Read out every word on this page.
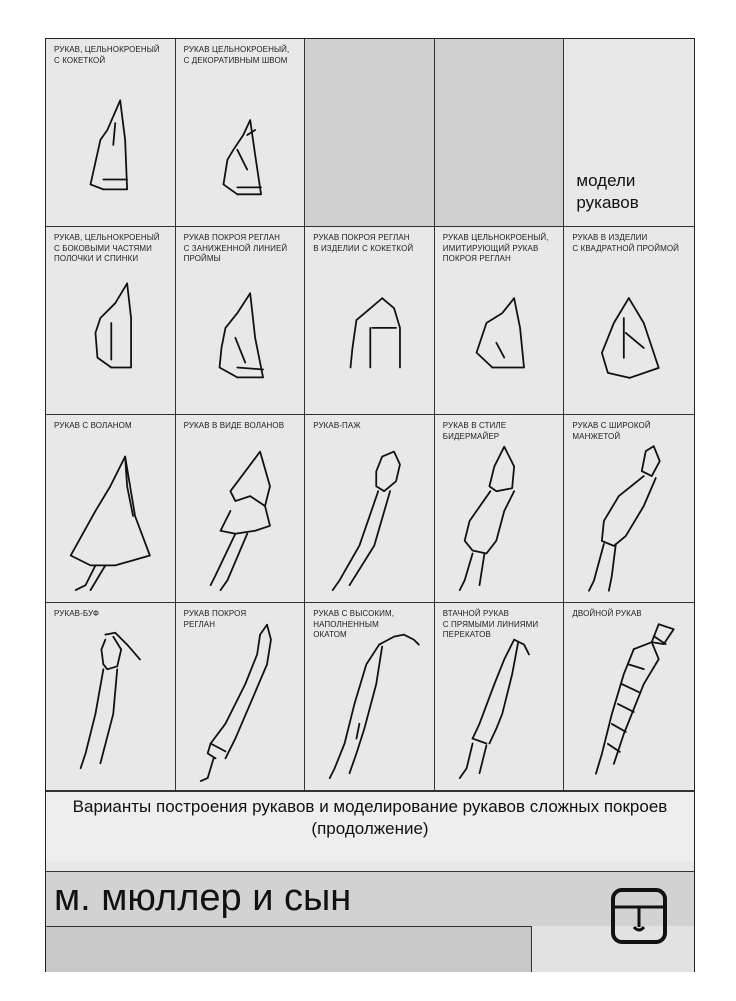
РУКАВ, ЦЕЛЬНОКРОЕНЫЙ
С КОКЕТКОЙ
РУКАВ ЦЕЛЬНОКРОЕНЫЙ,
С ДЕКОРАТИВНЫМ ШВОМ
модели
рукавов
РУКАВ, ЦЕЛЬНОКРОЕНЫЙ
С БОКОВЫМИ ЧАСТЯМИ
ПОЛОЧКИ И СПИНКИ
РУКАВ ПОКРОЯ РЕГЛАН
С ЗАНИЖЕННОЙ ЛИНИЕЙ
ПРОЙМЫ
РУКАВ ПОКРОЯ РЕГЛАН
В ИЗДЕЛИИ С КОКЕТКОЙ
РУКАВ ЦЕЛЬНОКРОЕНЫЙ,
ИМИТИРУЮЩИЙ РУКАВ
ПОКРОЯ РЕГЛАН
РУКАВ В ИЗДЕЛИИ
С КВАДРАТНОЙ ПРОЙМОЙ
РУКАВ С ВОЛАНОМ	РУКАВ В ВИДЕ ВОЛАНОВ	РУКАВ-ПАЖ	РУКАВ В СТИЛЕ
БИДЕРМАЙЕР
РУКАВ С ШИРОКОЙ
МАНЖЕТОЙ
РУКАВ-БУФ	РУКАВ ПОКРОЯ
РЕГЛАН
РУКАВ С ВЫСОКИМ,
НАПОЛНЕННЫМ
ОКАТОМ
ВТАЧНОЙ РУКАВ
С ПРЯМЫМИ ЛИНИЯМИ
ПЕРЕКАТОВ
ДВОЙНОЙ РУКАВ
Варианты построения рукавов и моделирование рукавов сложных покроев (продолжение)
м. мюллер и сын
